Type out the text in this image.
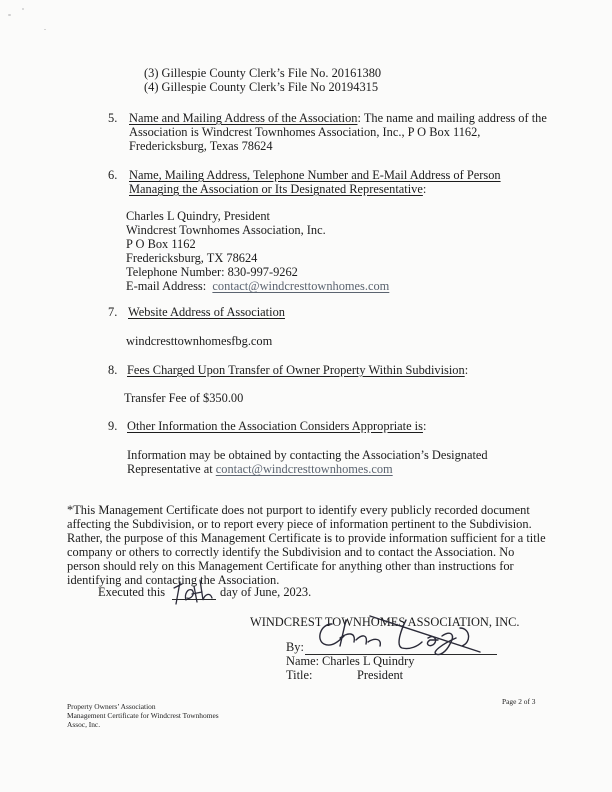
(3) Gillespie County Clerk’s File No. 20161380
(4) Gillespie County Clerk’s File No 20194315
5. Name and Mailing Address of the Association: The name and mailing address of the
Association is Windcrest Townhomes Association, Inc., P O Box 1162,
Fredericksburg, Texas 78624
6. Name, Mailing Address, Telephone Number and E-Mail Address of Person
Managing the Association or Its Designated Representative:
Charles L Quindry, President
Windcrest Townhomes Association, Inc.
P O Box 1162
Fredericksburg, TX 78624
Telephone Number: 830-997-9262
E-mail Address:  contact@windcresttownhomes.com
7. Website Address of Association
windcresttownhomesfbg.com
8. Fees Charged Upon Transfer of Owner Property Within Subdivision:
Transfer Fee of $350.00
9. Other Information the Association Considers Appropriate is:
Information may be obtained by contacting the Association’s Designated
Representative at contact@windcresttownhomes.com
*This Management Certificate does not purport to identify every publicly recorded document
affecting the Subdivision, or to report every piece of information pertinent to the Subdivision.
Rather, the purpose of this Management Certificate is to provide information sufficient for a title
company or others to correctly identify the Subdivision and to contact the Association. No
person should rely on this Management Certificate for anything other than instructions for
identifying and contacting the Association.
Executed this	day of June, 2023.
WINDCREST TOWNHOMES ASSOCIATION, INC.
By:
Name: Charles L Quindry
Title:	President
Property Owners’ Association
Management Certificate for Windcrest Townhomes
Assoc, Inc.
Page 2 of 3
